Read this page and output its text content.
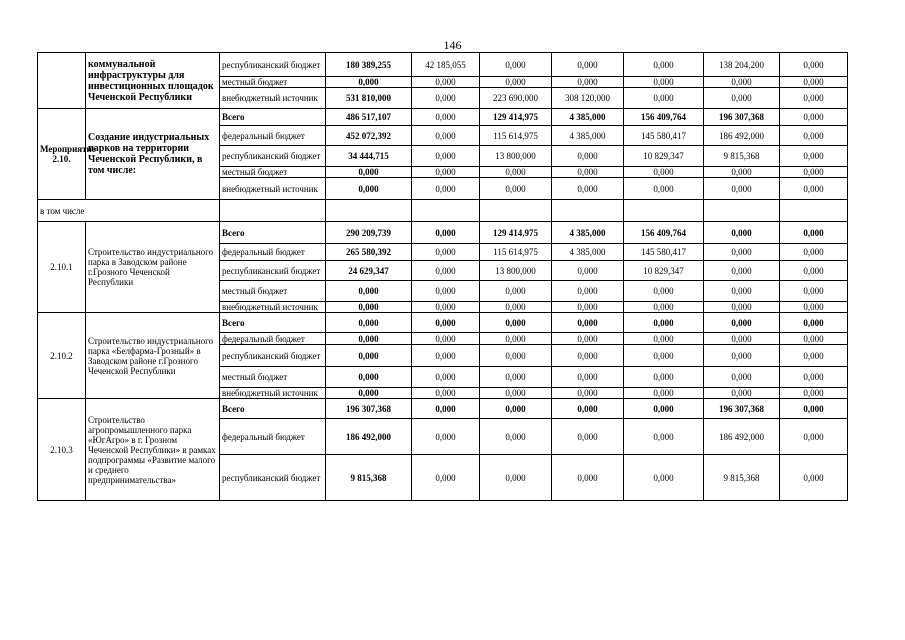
146
	коммунальной инфраструктуры для инвестиционных площадок Чеченской Республики	республиканский бюджет	180 389,255	42 185,055	0,000	0,000	0,000	138 204,200	0,000
		местный бюджет	0,000	0,000	0,000	0,000	0,000	0,000	0,000
		внебюджетный источник	531 810,000	0,000	223 690,000	308 120,000	0,000	0,000	0,000
Мероприятие 2.10.	Создание индустриальных парков на территории Чеченской Республики, в том числе:	Всего	486 517,107	0,000	129 414,975	4 385,000	156 409,764	196 307,368	0,000
		федеральный бюджет	452 072,392	0,000	115 614,975	4 385,000	145 580,417	186 492,000	0,000
		республиканский бюджет	34 444,715	0,000	13 800,000	0,000	10 829,347	9 815,368	0,000
		местный бюджет	0,000	0,000	0,000	0,000	0,000	0,000	0,000
		внебюджетный источник	0,000	0,000	0,000	0,000	0,000	0,000	0,000
в том числе									
2.10.1	Строительство индустриального парка в Заводском районе г.Грозного Чеченской Республики	Всего	290 209,739	0,000	129 414,975	4 385,000	156 409,764	0,000	0,000
		федеральный бюджет	265 580,392	0,000	115 614,975	4 385,000	145 580,417	0,000	0,000
		республиканский бюджет	24 629,347	0,000	13 800,000	0,000	10 829,347	0,000	0,000
		местный бюджет	0,000	0,000	0,000	0,000	0,000	0,000	0,000
		внебюджетный источник	0,000	0,000	0,000	0,000	0,000	0,000	0,000
2.10.2	Строительство индустриального парка «Белфарма-Грозный» в Заводском районе г.Грозного Чеченской Республики	Всего	0,000	0,000	0,000	0,000	0,000	0,000	0,000
		федеральный бюджет	0,000	0,000	0,000	0,000	0,000	0,000	0,000
		республиканский бюджет	0,000	0,000	0,000	0,000	0,000	0,000	0,000
		местный бюджет	0,000	0,000	0,000	0,000	0,000	0,000	0,000
		внебюджетный источник	0,000	0,000	0,000	0,000	0,000	0,000	0,000
2.10.3	Строительство агропромышленного парка «ЮгАгро» в г. Грозном Чеченской Республики» в рамках подпрограммы «Развитие малого и среднего предпринимательства»	Всего	196 307,368	0,000	0,000	0,000	0,000	196 307,368	0,000
		федеральный бюджет	186 492,000	0,000	0,000	0,000	0,000	186 492,000	0,000
		республиканский бюджет	9 815,368	0,000	0,000	0,000	0,000	9 815,368	0,000
